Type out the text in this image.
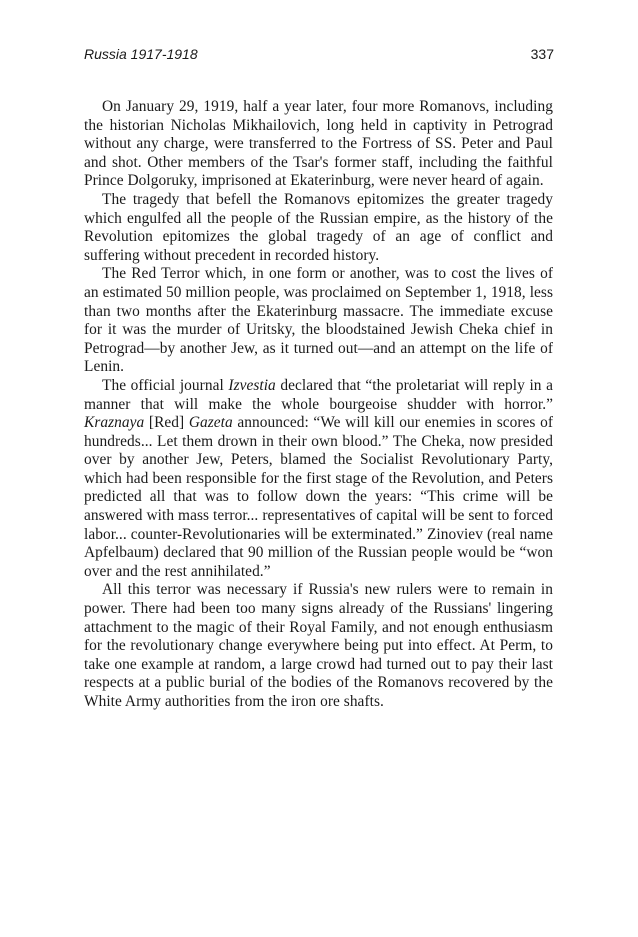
Russia 1917-1918	337

On January 29, 1919, half a year later, four more Romanovs, including the historian Nicholas Mikhailovich, long held in captivity in Petrograd without any charge, were transferred to the Fortress of SS. Peter and Paul and shot. Other members of the Tsar's former staff, including the faithful Prince Dolgoruky, imprisoned at Ekaterinburg, were never heard of again.

The tragedy that befell the Romanovs epitomizes the greater tragedy which engulfed all the people of the Russian empire, as the history of the Revolution epitomizes the global tragedy of an age of conflict and suffering without precedent in recorded history.

The Red Terror which, in one form or another, was to cost the lives of an estimated 50 million people, was proclaimed on September 1, 1918, less than two months after the Ekaterinburg massacre. The immediate excuse for it was the murder of Uritsky, the bloodstained Jewish Cheka chief in Petrograd—by another Jew, as it turned out—and an attempt on the life of Lenin.

The official journal Izvestia declared that “the proletariat will reply in a manner that will make the whole bourgeoise shudder with horror.” Kraznaya [Red] Gazeta announced: “We will kill our enemies in scores of hundreds... Let them drown in their own blood.” The Cheka, now presided over by another Jew, Peters, blamed the Socialist Revolutionary Party, which had been responsible for the first stage of the Revolution, and Peters predicted all that was to follow down the years: “This crime will be answered with mass terror... representatives of capital will be sent to forced labor... counter-Revolutionaries will be exterminated.” Zinoviev (real name Apfelbaum) declared that 90 million of the Russian people would be “won over and the rest annihilated.”

All this terror was necessary if Russia's new rulers were to remain in power. There had been too many signs already of the Russians' lingering attachment to the magic of their Royal Family, and not enough enthusiasm for the revolutionary change everywhere being put into effect. At Perm, to take one example at random, a large crowd had turned out to pay their last respects at a public burial of the bodies of the Romanovs recovered by the White Army authorities from the iron ore shafts.
